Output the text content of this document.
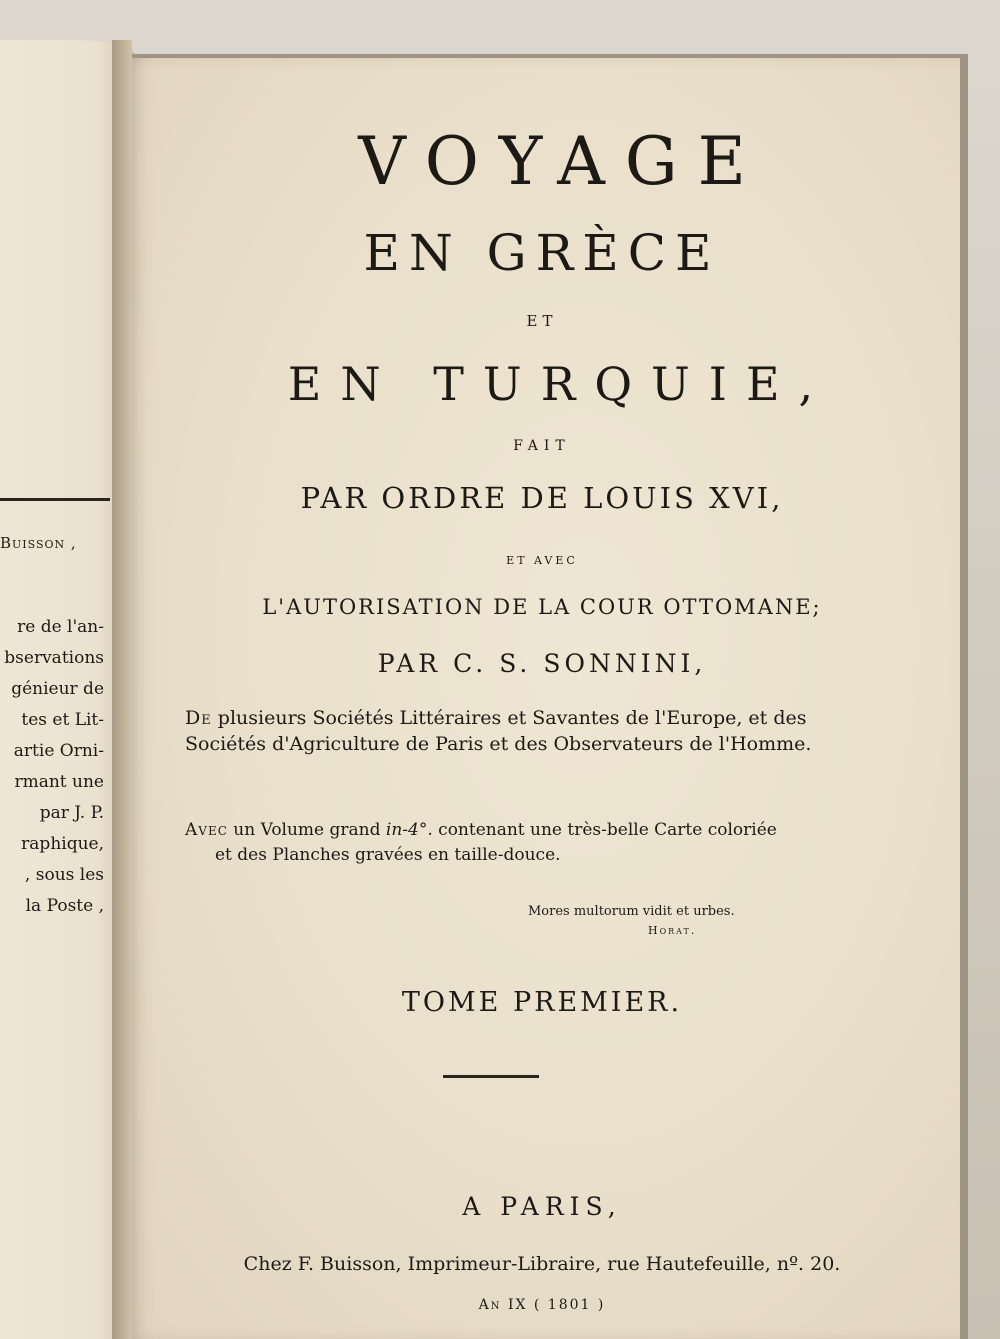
Buisson ,
re de l'an-
bservations
génieur de
tes et Lit-
artie Orni-
rmant une
par J. P.
raphique,
, sous les
la Poste ,
VOYAGE
EN GRÈCE
ET
EN TURQUIE,
FAIT
PAR ORDRE DE LOUIS XVI,
ET AVEC
L'AUTORISATION DE LA COUR OTTOMANE;
PAR C. S. SONNINI,
De plusieurs Sociétés Littéraires et Savantes de l'Europe, et des Sociétés d'Agriculture de Paris et des Observateurs de l'Homme.
Avec un Volume grand in-4°. contenant une très-belle Carte coloriée
et des Planches gravées en taille-douce.
Mores multorum vidit et urbes.
Horat.
TOME PREMIER.
A PARIS,
Chez F. Buisson, Imprimeur-Libraire, rue Hautefeuille, nº. 20.
An IX ( 1801 )
